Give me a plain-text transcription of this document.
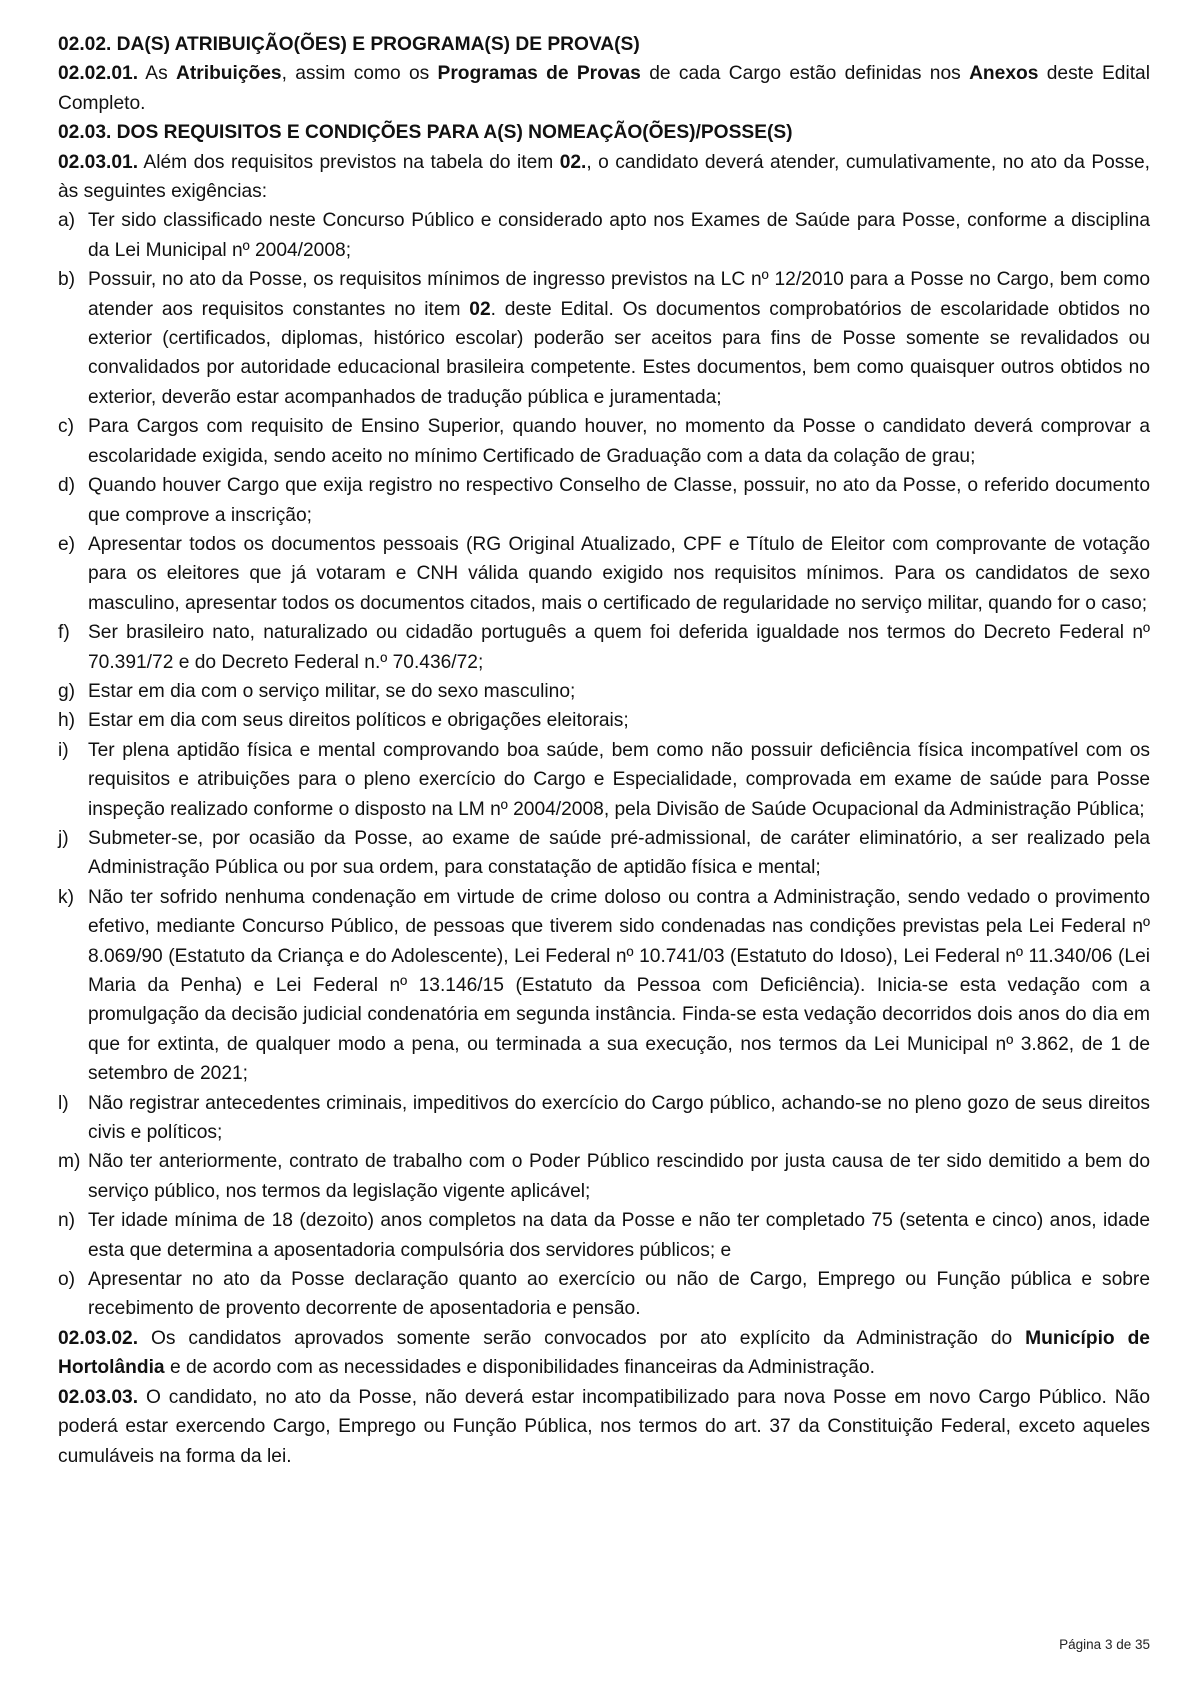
02.02. DA(S) ATRIBUIÇÃO(ÕES) E PROGRAMA(S) DE PROVA(S)

02.02.01. As Atribuições, assim como os Programas de Provas de cada Cargo estão definidas nos Anexos deste Edital Completo.

02.03. DOS REQUISITOS E CONDIÇÕES PARA A(S) NOMEAÇÃO(ÕES)/POSSE(S)

02.03.01. Além dos requisitos previstos na tabela do item 02., o candidato deverá atender, cumulativamente, no ato da Posse, às seguintes exigências:

a) Ter sido classificado neste Concurso Público e considerado apto nos Exames de Saúde para Posse, conforme a disciplina da Lei Municipal nº 2004/2008;
b) Possuir, no ato da Posse, os requisitos mínimos de ingresso previstos na LC nº 12/2010 para a Posse no Cargo, bem como atender aos requisitos constantes no item 02. deste Edital. Os documentos comprobatórios de escolaridade obtidos no exterior (certificados, diplomas, histórico escolar) poderão ser aceitos para fins de Posse somente se revalidados ou convalidados por autoridade educacional brasileira competente. Estes documentos, bem como quaisquer outros obtidos no exterior, deverão estar acompanhados de tradução pública e juramentada;
c) Para Cargos com requisito de Ensino Superior, quando houver, no momento da Posse o candidato deverá comprovar a escolaridade exigida, sendo aceito no mínimo Certificado de Graduação com a data da colação de grau;
d) Quando houver Cargo que exija registro no respectivo Conselho de Classe, possuir, no ato da Posse, o referido documento que comprove a inscrição;
e) Apresentar todos os documentos pessoais (RG Original Atualizado, CPF e Título de Eleitor com comprovante de votação para os eleitores que já votaram e CNH válida quando exigido nos requisitos mínimos. Para os candidatos de sexo masculino, apresentar todos os documentos citados, mais o certificado de regularidade no serviço militar, quando for o caso;
f) Ser brasileiro nato, naturalizado ou cidadão português a quem foi deferida igualdade nos termos do Decreto Federal nº 70.391/72 e do Decreto Federal n.º 70.436/72;
g) Estar em dia com o serviço militar, se do sexo masculino;
h) Estar em dia com seus direitos políticos e obrigações eleitorais;
i) Ter plena aptidão física e mental comprovando boa saúde, bem como não possuir deficiência física incompatível com os requisitos e atribuições para o pleno exercício do Cargo e Especialidade, comprovada em exame de saúde para Posse inspeção realizado conforme o disposto na LM nº 2004/2008, pela Divisão de Saúde Ocupacional da Administração Pública;
j) Submeter-se, por ocasião da Posse, ao exame de saúde pré-admissional, de caráter eliminatório, a ser realizado pela Administração Pública ou por sua ordem, para constatação de aptidão física e mental;
k) Não ter sofrido nenhuma condenação em virtude de crime doloso ou contra a Administração, sendo vedado o provimento efetivo, mediante Concurso Público, de pessoas que tiverem sido condenadas nas condições previstas pela Lei Federal nº 8.069/90 (Estatuto da Criança e do Adolescente), Lei Federal nº 10.741/03 (Estatuto do Idoso), Lei Federal nº 11.340/06 (Lei Maria da Penha) e Lei Federal nº 13.146/15 (Estatuto da Pessoa com Deficiência). Inicia-se esta vedação com a promulgação da decisão judicial condenatória em segunda instância. Finda-se esta vedação decorridos dois anos do dia em que for extinta, de qualquer modo a pena, ou terminada a sua execução, nos termos da Lei Municipal nº 3.862, de 1 de setembro de 2021;
l) Não registrar antecedentes criminais, impeditivos do exercício do Cargo público, achando-se no pleno gozo de seus direitos civis e políticos;
m) Não ter anteriormente, contrato de trabalho com o Poder Público rescindido por justa causa de ter sido demitido a bem do serviço público, nos termos da legislação vigente aplicável;
n) Ter idade mínima de 18 (dezoito) anos completos na data da Posse e não ter completado 75 (setenta e cinco) anos, idade esta que determina a aposentadoria compulsória dos servidores públicos; e
o) Apresentar no ato da Posse declaração quanto ao exercício ou não de Cargo, Emprego ou Função pública e sobre recebimento de provento decorrente de aposentadoria e pensão.

02.03.02. Os candidatos aprovados somente serão convocados por ato explícito da Administração do Município de Hortolândia e de acordo com as necessidades e disponibilidades financeiras da Administração.

02.03.03. O candidato, no ato da Posse, não deverá estar incompatibilizado para nova Posse em novo Cargo Público. Não poderá estar exercendo Cargo, Emprego ou Função Pública, nos termos do art. 37 da Constituição Federal, exceto aqueles cumuláveis na forma da lei.

Página 3 de 35
